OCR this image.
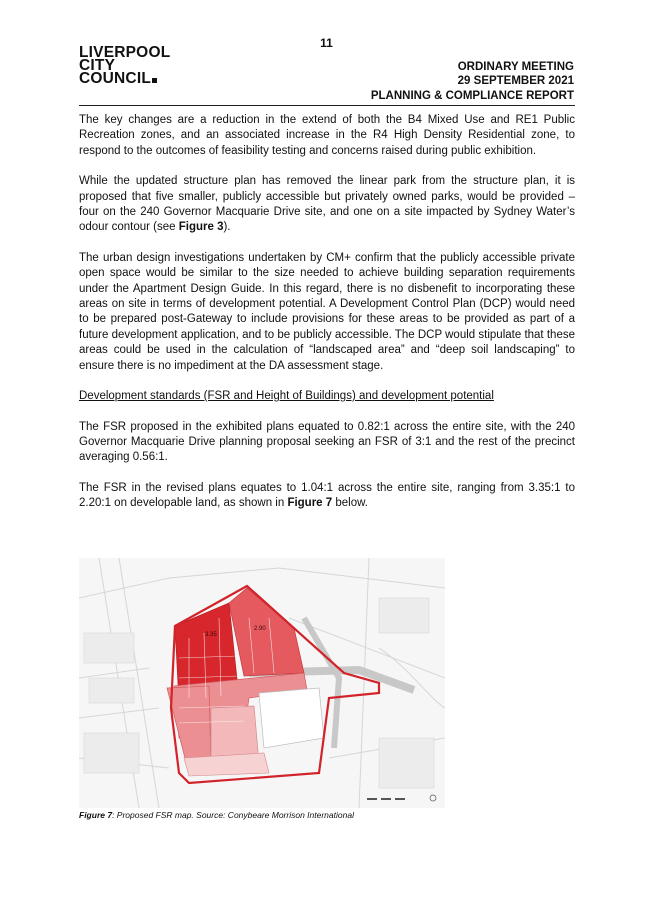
11
LIVERPOOL
CITY
COUNCIL
ORDINARY MEETING
29 SEPTEMBER 2021
PLANNING & COMPLIANCE REPORT

The key changes are a reduction in the extend of both the B4 Mixed Use and RE1 Public Recreation zones, and an associated increase in the R4 High Density Residential zone, to respond to the outcomes of feasibility testing and concerns raised during public exhibition.

While the updated structure plan has removed the linear park from the structure plan, it is proposed that five smaller, publicly accessible but privately owned parks, would be provided – four on the 240 Governor Macquarie Drive site, and one on a site impacted by Sydney Water’s odour contour (see Figure 3).

The urban design investigations undertaken by CM+ confirm that the publicly accessible private open space would be similar to the size needed to achieve building separation requirements under the Apartment Design Guide. In this regard, there is no disbenefit to incorporating these areas on site in terms of development potential. A Development Control Plan (DCP) would need to be prepared post-Gateway to include provisions for these areas to be provided as part of a future development application, and to be publicly accessible. The DCP would stipulate that these areas could be used in the calculation of “landscaped area” and “deep soil landscaping” to ensure there is no impediment at the DA assessment stage.

Development standards (FSR and Height of Buildings) and development potential

The FSR proposed in the exhibited plans equated to 0.82:1 across the entire site, with the 240 Governor Macquarie Drive planning proposal seeking an FSR of 3:1 and the rest of the precinct averaging 0.56:1.

The FSR in the revised plans equates to 1.04:1 across the entire site, ranging from 3.35:1 to 2.20:1 on developable land, as shown in Figure 7 below.

3.35
2.90
Figure 7: Proposed FSR map. Source: Conybeare Morrison International
